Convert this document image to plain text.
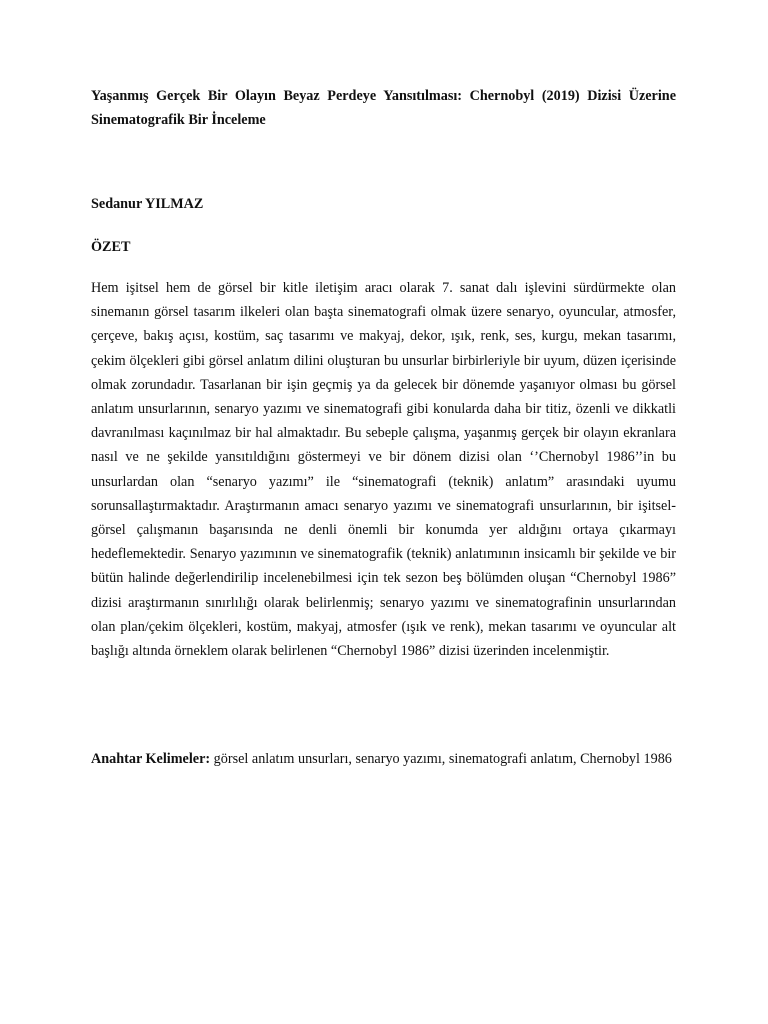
Yaşanmış Gerçek Bir Olayın Beyaz Perdeye Yansıtılması: Chernobyl (2019) Dizisi Üzerine Sinematografik Bir İnceleme

Sedanur YILMAZ

ÖZET

Hem işitsel hem de görsel bir kitle iletişim aracı olarak 7. sanat dalı işlevini sürdürmekte olan sinemanın görsel tasarım ilkeleri olan başta sinematografi olmak üzere senaryo, oyuncular, atmosfer, çerçeve, bakış açısı, kostüm, saç tasarımı ve makyaj, dekor, ışık, renk, ses, kurgu, mekan tasarımı, çekim ölçekleri gibi görsel anlatım dilini oluşturan bu unsurlar birbirleriyle bir uyum, düzen içerisinde olmak zorundadır. Tasarlanan bir işin geçmiş ya da gelecek bir dönemde yaşanıyor olması bu görsel anlatım unsurlarının, senaryo yazımı ve sinematografi gibi konularda daha bir titiz, özenli ve dikkatli davranılması kaçınılmaz bir hal almaktadır. Bu sebeple çalışma, yaşanmış gerçek bir olayın ekranlara nasıl ve ne şekilde yansıtıldığını göstermeyi ve bir dönem dizisi olan ‘’Chernobyl 1986’’in bu unsurlardan olan “senaryo yazımı” ile “sinematografi (teknik) anlatım” arasındaki uyumu sorunsallaştırmaktadır. Araştırmanın amacı senaryo yazımı ve sinematografi unsurlarının, bir işitsel- görsel çalışmanın başarısında ne denli önemli bir konumda yer aldığını ortaya çıkarmayı hedeflemektedir. Senaryo yazımının ve sinematografik (teknik) anlatımının insicamlı bir şekilde ve bir bütün halinde değerlendirilip incelenebilmesi için tek sezon beş bölümden oluşan “Chernobyl 1986” dizisi araştırmanın sınırlılığı olarak belirlenmiş; senaryo yazımı ve sinematografinin unsurlarından olan plan/çekim ölçekleri, kostüm, makyaj, atmosfer (ışık ve renk), mekan tasarımı ve oyuncular alt başlığı altında örneklem olarak belirlenen “Chernobyl 1986” dizisi üzerinden incelenmiştir.

Anahtar Kelimeler: görsel anlatım unsurları, senaryo yazımı, sinematografi anlatım, Chernobyl 1986
